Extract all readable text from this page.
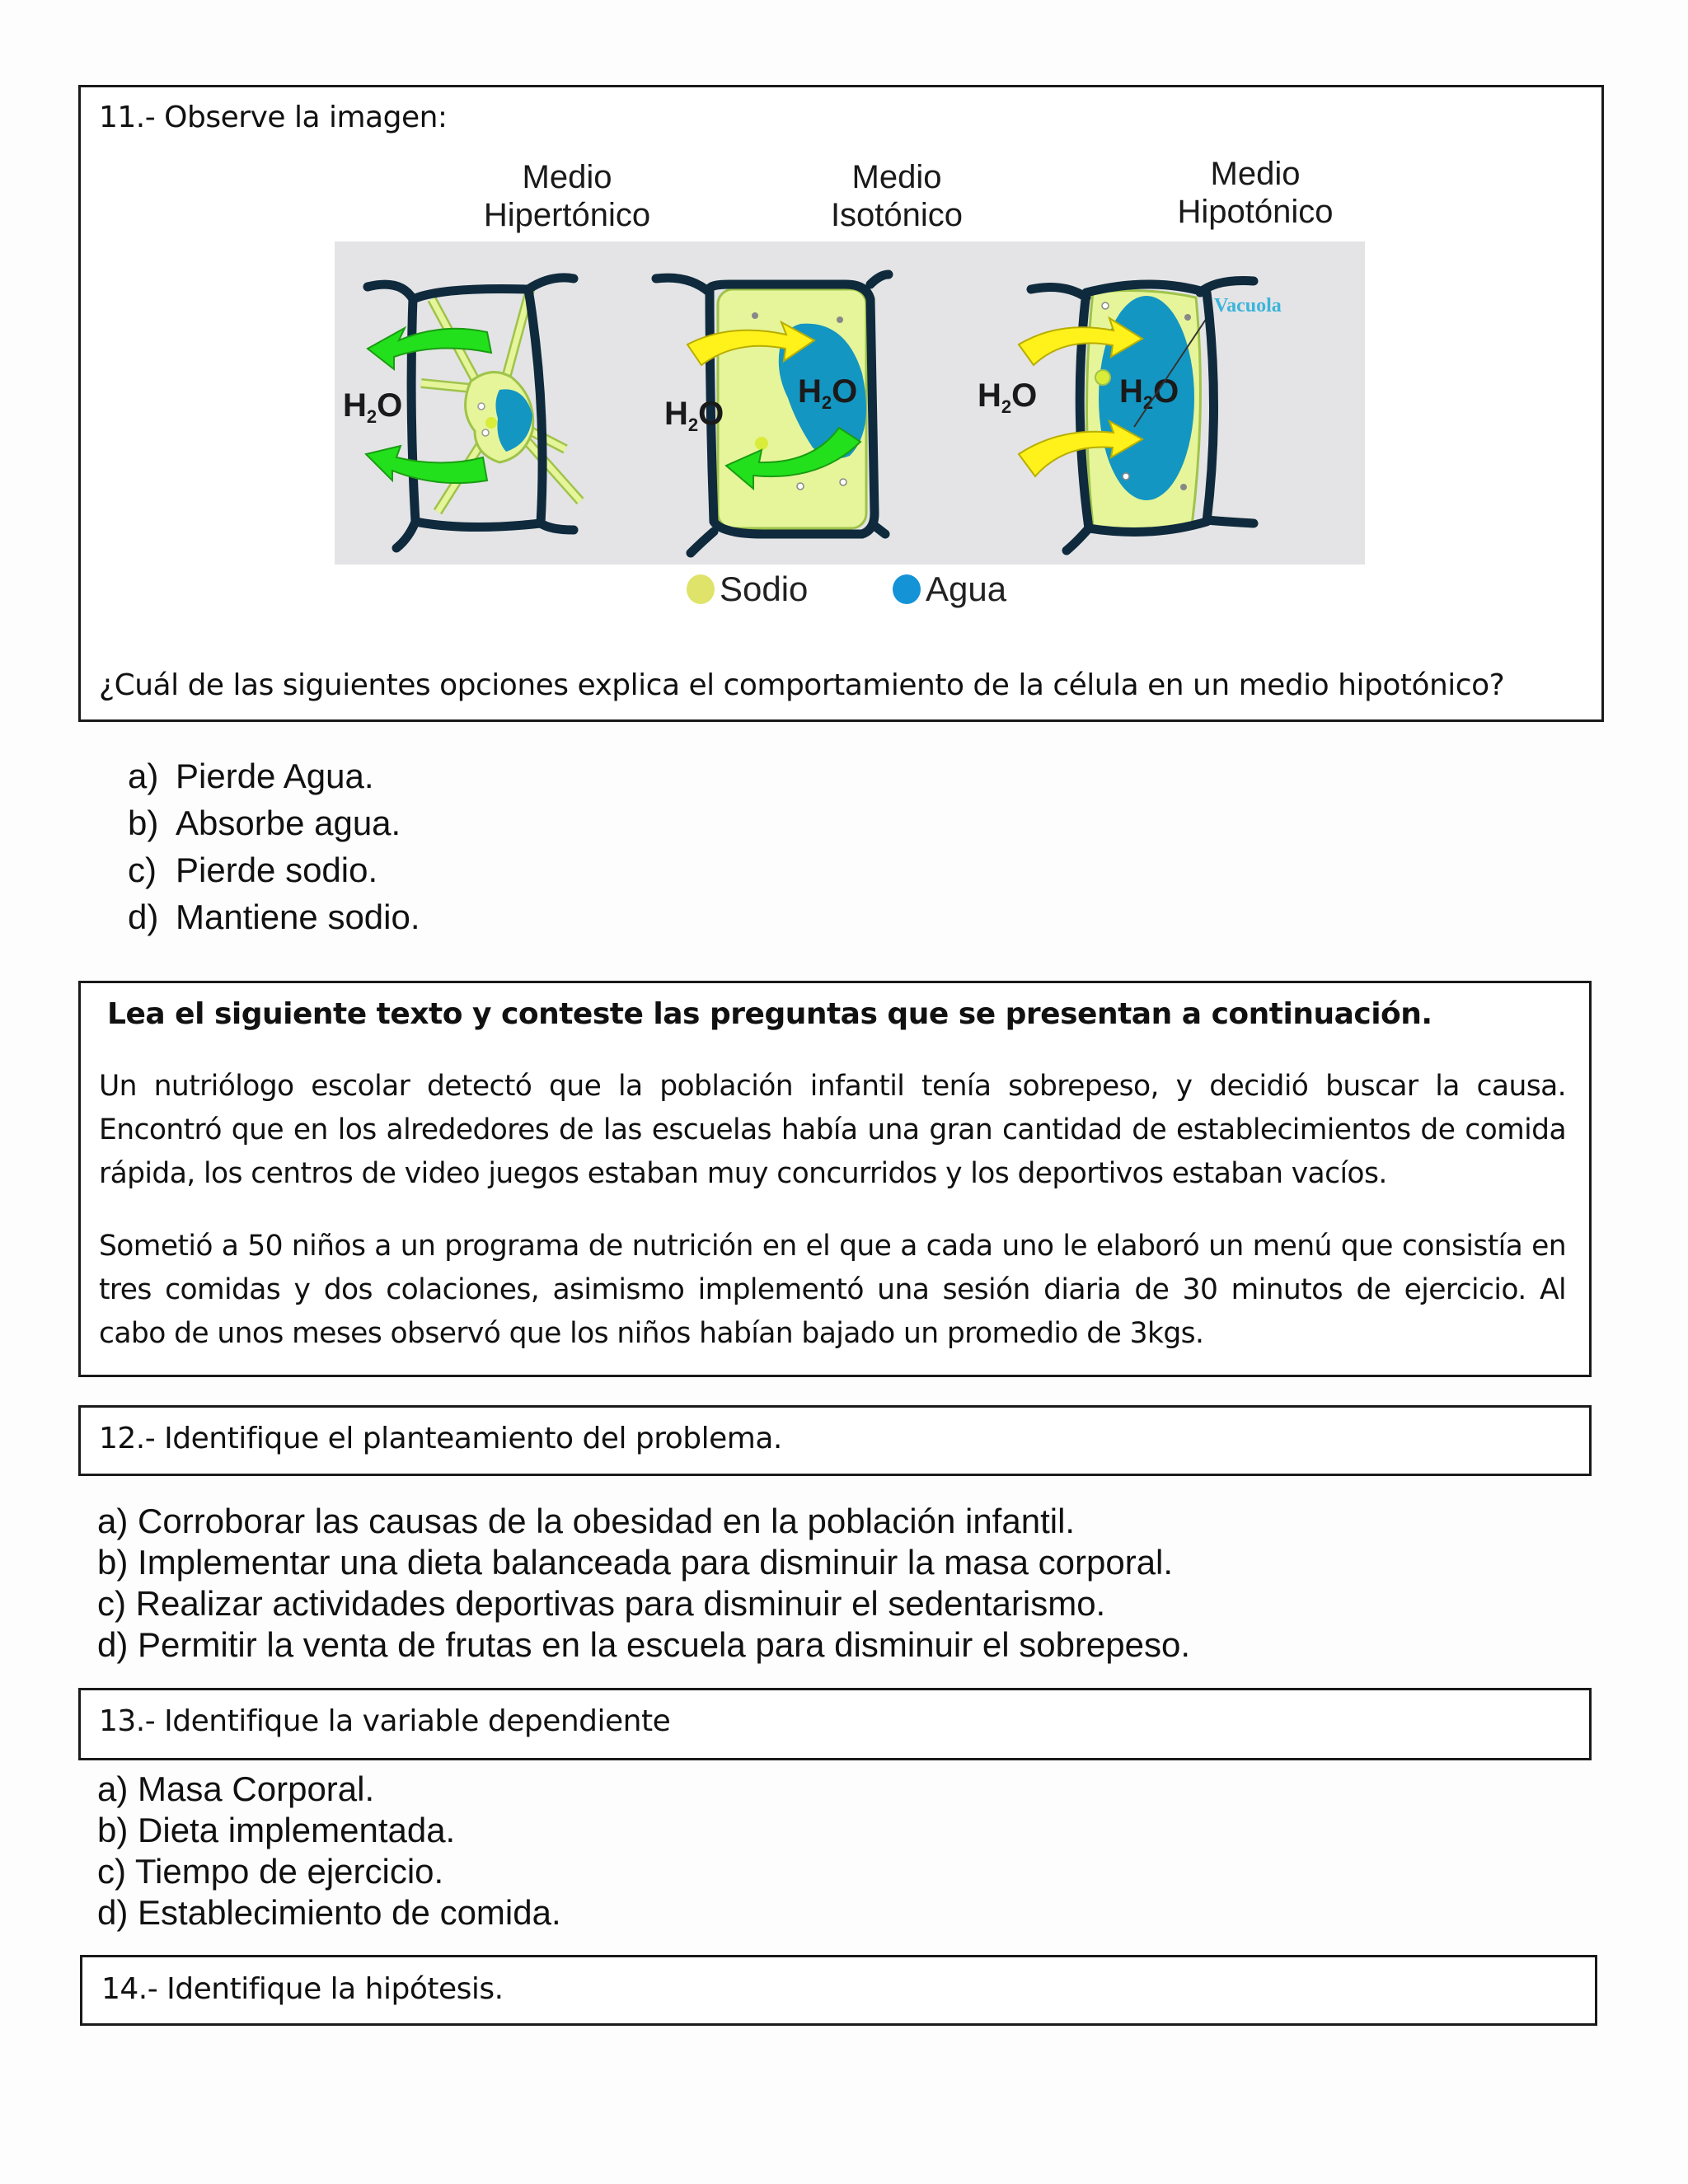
11.- Observe la imagen:
Medio
Hipertónico
Medio
Isotónico
Medio
Hipotónico
$H_2O$	$H_2O$
$H_2O$
$H_2O$
Vacuola
$H_2O$
Sodio	Agua
¿Cuál de las siguientes opciones explica el comportamiento de la célula en un medio hipotónico?
a) Pierde Agua.
b) Absorbe agua.
c) Pierde sodio.
d) Mantiene sodio.
Lea el siguiente texto y conteste las preguntas que se presentan a continuación.
Un nutriólogo escolar detectó que la población infantil tenía sobrepeso, y decidió buscar la causa. Encontró que en los alrededores de las escuelas había una gran cantidad de establecimientos de comida rápida, los centros de video juegos estaban muy concurridos y los deportivos estaban vacíos.
Sometió a 50 niños a un programa de nutrición en el que a cada uno le elaboró un menú que consistía en tres comidas y dos colaciones, asimismo implementó una sesión diaria de 30 minutos de ejercicio. Al cabo de unos meses observó que los niños habían bajado un promedio de 3kgs.
12.- Identifique el planteamiento del problema.
a) Corroborar las causas de la obesidad en la población infantil.
b) Implementar una dieta balanceada para disminuir la masa corporal.
c) Realizar actividades deportivas para disminuir el sedentarismo.
d) Permitir la venta de frutas en la escuela para disminuir el sobrepeso.
13.- Identifique la variable dependiente
a) Masa Corporal.
b) Dieta implementada.
c) Tiempo de ejercicio.
d) Establecimiento de comida.
14.- Identifique la hipótesis.
